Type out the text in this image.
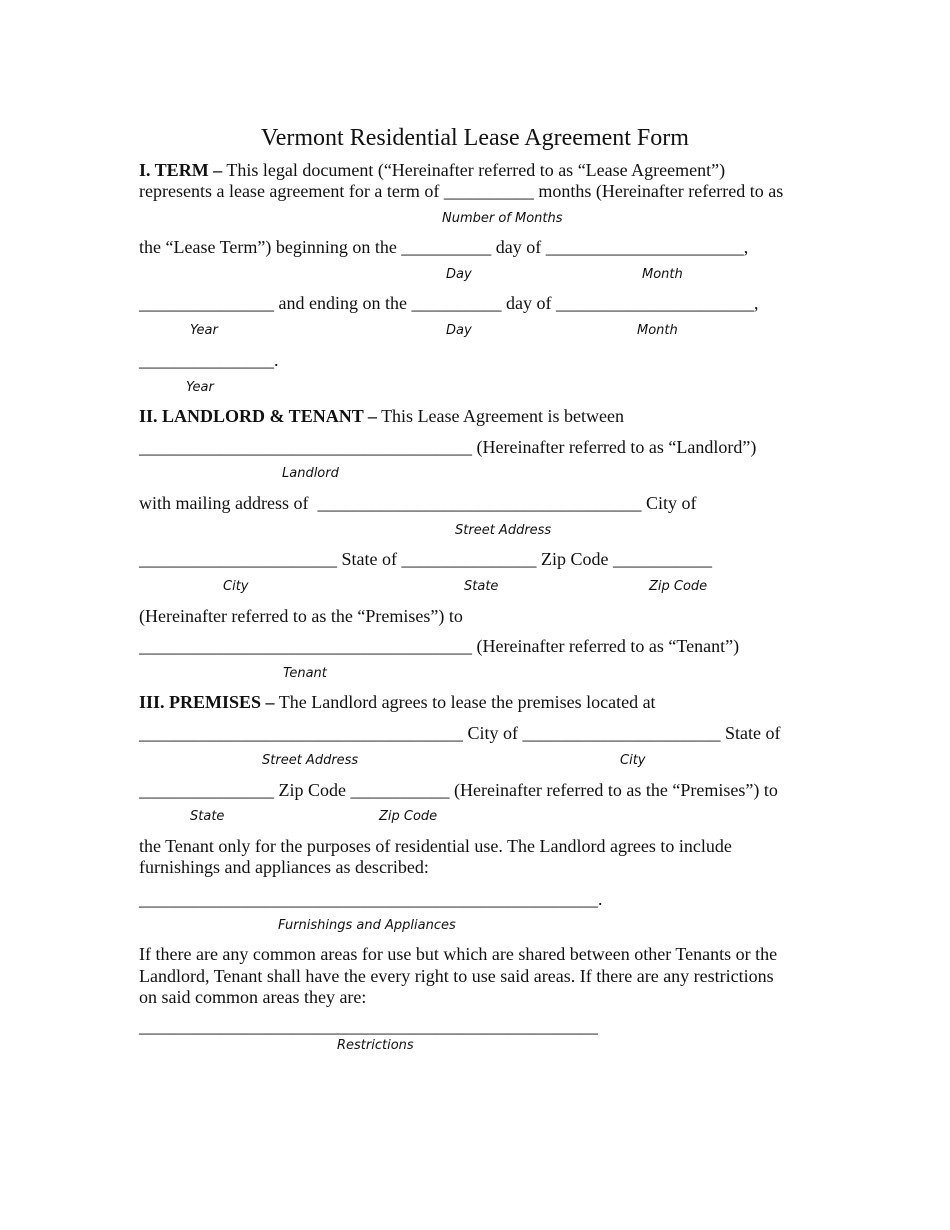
Vermont Residential Lease Agreement Form
I. TERM – This legal document (“Hereinafter referred to as “Lease Agreement”)
represents a lease agreement for a term of __________ months (Hereinafter referred to as
Number of Months
the “Lease Term”) beginning on the __________ day of ______________________,
Day	Month
_______________ and ending on the __________ day of ______________________,
Year	Day	Month
_______________.
Year
II. LANDLORD & TENANT – This Lease Agreement is between
_____________________________________ (Hereinafter referred to as “Landlord”)
Landlord
with mailing address of  ____________________________________ City of
Street Address
______________________ State of _______________ Zip Code ___________
City	State	Zip Code
(Hereinafter referred to as the “Premises”) to
_____________________________________ (Hereinafter referred to as “Tenant”)
Tenant
III. PREMISES – The Landlord agrees to lease the premises located at
____________________________________ City of ______________________ State of
Street Address	City
_______________ Zip Code ___________ (Hereinafter referred to as the “Premises”) to
State	Zip Code
the Tenant only for the purposes of residential use. The Landlord agrees to include
furnishings and appliances as described:
___________________________________________________.
Furnishings and Appliances
If there are any common areas for use but which are shared between other Tenants or the
Landlord, Tenant shall have the every right to use said areas. If there are any restrictions
on said common areas they are:
___________________________________________________
Restrictions
